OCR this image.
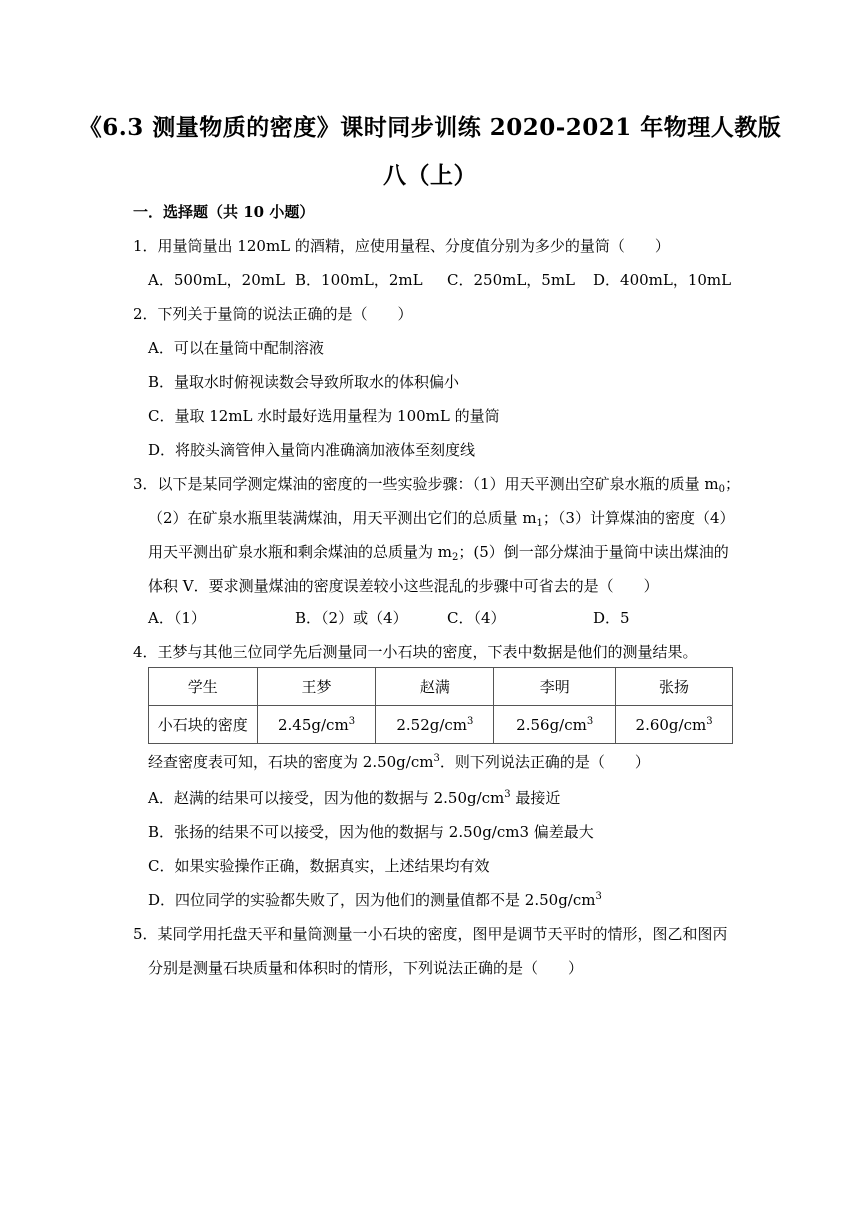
《6.3 测量物质的密度》课时同步训练 2020-2021 年物理人教版
八（上）
一．选择题（共 10 小题）
1．用量筒量出 120mL 的酒精，应使用量程、分度值分别为多少的量筒（　　）
A．500mL，20mL B．100mL，2mL C．250mL，5mL D．400mL，10mL
2．下列关于量筒的说法正确的是（　　）
A．可以在量筒中配制溶液
B．量取水时俯视读数会导致所取水的体积偏小
C．量取 12mL 水时最好选用量程为 100mL 的量筒
D．将胶头滴管伸入量筒内准确滴加液体至刻度线
3．以下是某同学测定煤油的密度的一些实验步骤：（1）用天平测出空矿泉水瓶的质量 $m_0$；
（2）在矿泉水瓶里装满煤油，用天平测出它们的总质量 $m_1$；（3）计算煤油的密度（4）
用天平测出矿泉水瓶和剩余煤油的总质量为 $m_2$；(5）倒一部分煤油于量筒中读出煤油的
体积 V．要求测量煤油的密度误差较小这些混乱的步骤中可省去的是（　　）
A．（1）	B．（2）或（4）	C．（4）	D．5
4．王梦与其他三位同学先后测量同一小石块的密度，下表中数据是他们的测量结果。
学生	王梦	赵满	李明	张扬
小石块的密度	$2.45g/cm^3$	$2.52g/cm^3$	$2.56g/cm^3$	$2.60g/cm^3$
经查密度表可知，石块的密度为 $2.50g/cm^3$．则下列说法正确的是（　　）
A．赵满的结果可以接受，因为他的数据与 $2.50g/cm^3$ 最接近
B．张扬的结果不可以接受，因为他的数据与 2.50g/cm3 偏差最大
C．如果实验操作正确，数据真实，上述结果均有效
D．四位同学的实验都失败了，因为他们的测量值都不是 $2.50g/cm^3$
5．某同学用托盘天平和量筒测量一小石块的密度，图甲是调节天平时的情形，图乙和图丙
分别是测量石块质量和体积时的情形，下列说法正确的是（　　）
